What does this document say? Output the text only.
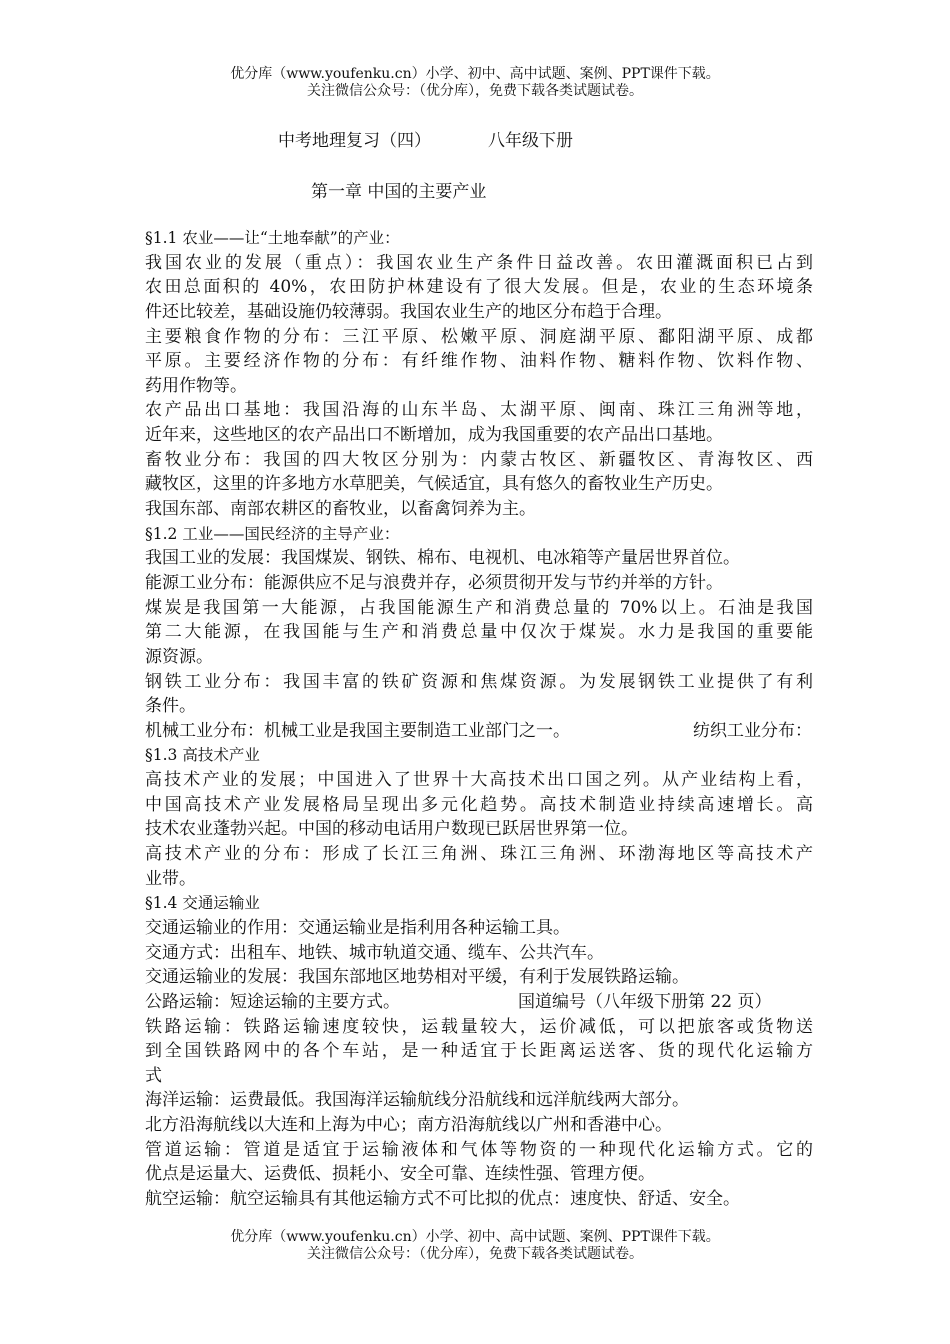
优分库（www.youfenku.cn）小学、初中、高中试题、案例、PPT课件下载。
关注微信公众号：（优分库），免费下载各类试题试卷。
中考地理复习（四）	八年级下册
第一章 中国的主要产业
§1.1 农业——让“土地奉献”的产业：
我国农业的发展（重点）：我国农业生产条件日益改善。农田灌溉面积已占到
农田总面积的 40%，农田防护林建设有了很大发展。但是，农业的生态环境条
件还比较差，基础设施仍较薄弱。我国农业生产的地区分布趋于合理。
主要粮食作物的分布：三江平原、松嫩平原、洞庭湖平原、鄱阳湖平原、成都
平原。主要经济作物的分布：有纤维作物、油料作物、糖料作物、饮料作物、
药用作物等。
农产品出口基地：我国沿海的山东半岛、太湖平原、闽南、珠江三角洲等地，
近年来，这些地区的农产品出口不断增加，成为我国重要的农产品出口基地。
畜牧业分布：我国的四大牧区分别为：内蒙古牧区、新疆牧区、青海牧区、西
藏牧区，这里的许多地方水草肥美，气候适宜，具有悠久的畜牧业生产历史。
我国东部、南部农耕区的畜牧业，以畜禽饲养为主。
§1.2 工业——国民经济的主导产业：
我国工业的发展：我国煤炭、钢铁、棉布、电视机、电冰箱等产量居世界首位。
能源工业分布：能源供应不足与浪费并存，必须贯彻开发与节约并举的方针。
煤炭是我国第一大能源，占我国能源生产和消费总量的 70%以上。石油是我国
第二大能源，在我国能与生产和消费总量中仅次于煤炭。水力是我国的重要能
源资源。
钢铁工业分布：我国丰富的铁矿资源和焦煤资源。为发展钢铁工业提供了有利
条件。
机械工业分布：机械工业是我国主要制造工业部门之一。	纺织工业分布：
§1.3 高技术产业
高技术产业的发展；中国进入了世界十大高技术出口国之列。从产业结构上看，
中国高技术产业发展格局呈现出多元化趋势。高技术制造业持续高速增长。高
技术农业蓬勃兴起。中国的移动电话用户数现已跃居世界第一位。
高技术产业的分布：形成了长江三角洲、珠江三角洲、环渤海地区等高技术产
业带。
§1.4 交通运输业
交通运输业的作用：交通运输业是指利用各种运输工具。
交通方式：出租车、地铁、城市轨道交通、缆车、公共汽车。
交通运输业的发展：我国东部地区地势相对平缓，有利于发展铁路运输。
公路运输：短途运输的主要方式。	国道编号（八年级下册第 22 页）
铁路运输：铁路运输速度较快，运载量较大，运价减低，可以把旅客或货物送
到全国铁路网中的各个车站，是一种适宜于长距离运送客、货的现代化运输方
式
海洋运输：运费最低。我国海洋运输航线分沿航线和远洋航线两大部分。
北方沿海航线以大连和上海为中心；南方沿海航线以广州和香港中心。
管道运输：管道是适宜于运输液体和气体等物资的一种现代化运输方式。它的
优点是运量大、运费低、损耗小、安全可靠、连续性强、管理方便。
航空运输：航空运输具有其他运输方式不可比拟的优点：速度快、舒适、安全。
优分库（www.youfenku.cn）小学、初中、高中试题、案例、PPT课件下载。
关注微信公众号：（优分库），免费下载各类试题试卷。
